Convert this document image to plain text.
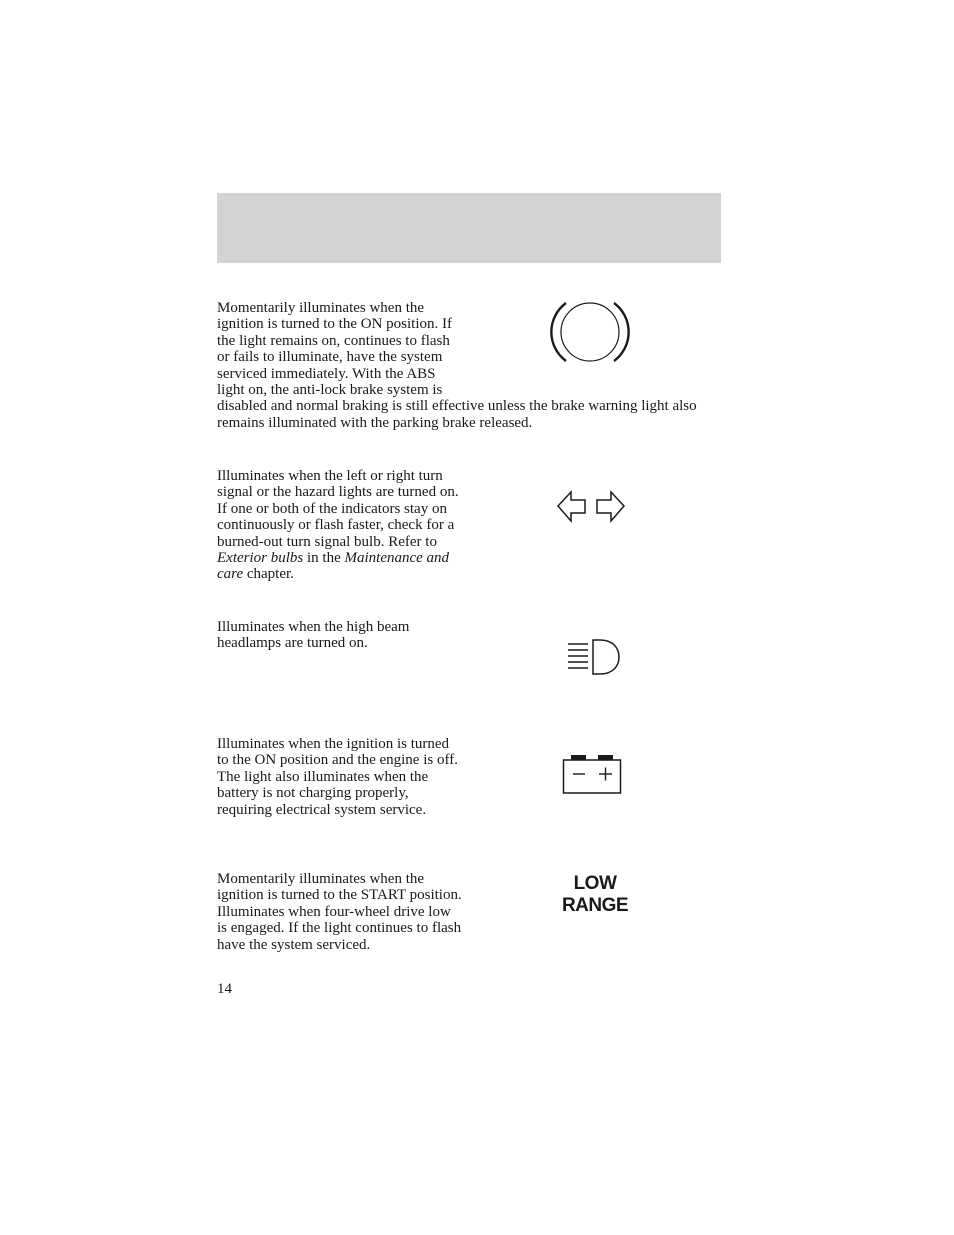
Momentarily illuminates when the ignition is turned to the ON position. If the light remains on, continues to flash or fails to illuminate, have the system serviced immediately. With the ABS light on, the anti-lock brake system is disabled and normal braking is still effective unless the brake warning light also remains illuminated with the parking brake released.

Illuminates when the left or right turn signal or the hazard lights are turned on. If one or both of the indicators stay on continuously or flash faster, check for a burned-out turn signal bulb. Refer to Exterior bulbs in the Maintenance and care chapter.

Illuminates when the high beam headlamps are turned on.

Illuminates when the ignition is turned to the ON position and the engine is off. The light also illuminates when the battery is not charging properly, requiring electrical system service.

LOW
RANGE

Momentarily illuminates when the ignition is turned to the START position. Illuminates when four-wheel drive low is engaged. If the light continues to flash have the system serviced.

14
